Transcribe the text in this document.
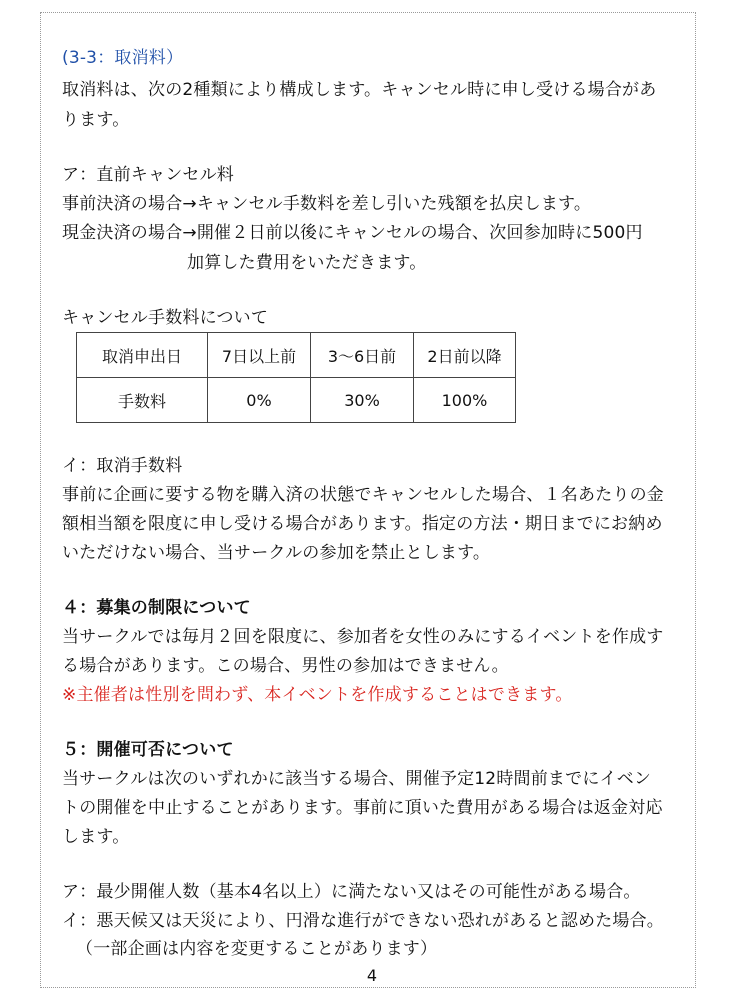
(3-3：取消料）
取消料は、次の2種類により構成します。キャンセル時に申し受ける場合があ
ります。
ア：直前キャンセル料
事前決済の場合→キャンセル手数料を差し引いた残額を払戻します。
現金決済の場合→開催２日前以後にキャンセルの場合、次回参加時に500円
加算した費用をいただきます。
キャンセル手数料について
取消申出日	7日以上前	3〜6日前	2日前以降
手数料	0%	30%	100%
イ：取消手数料
事前に企画に要する物を購入済の状態でキャンセルした場合、１名あたりの金
額相当額を限度に申し受ける場合があります。指定の方法・期日までにお納め
いただけない場合、当サークルの参加を禁止とします。
４：募集の制限について
当サークルでは毎月２回を限度に、参加者を女性のみにするイベントを作成す
る場合があります。この場合、男性の参加はできません。
※主催者は性別を問わず、本イベントを作成することはできます。
５：開催可否について
当サークルは次のいずれかに該当する場合、開催予定12時間前までにイベン
トの開催を中止することがあります。事前に頂いた費用がある場合は返金対応
します。
ア：最少開催人数（基本4名以上）に満たない又はその可能性がある場合。
イ：悪天候又は天災により、円滑な進行ができない恐れがあると認めた場合。
（一部企画は内容を変更することがあります）
4
